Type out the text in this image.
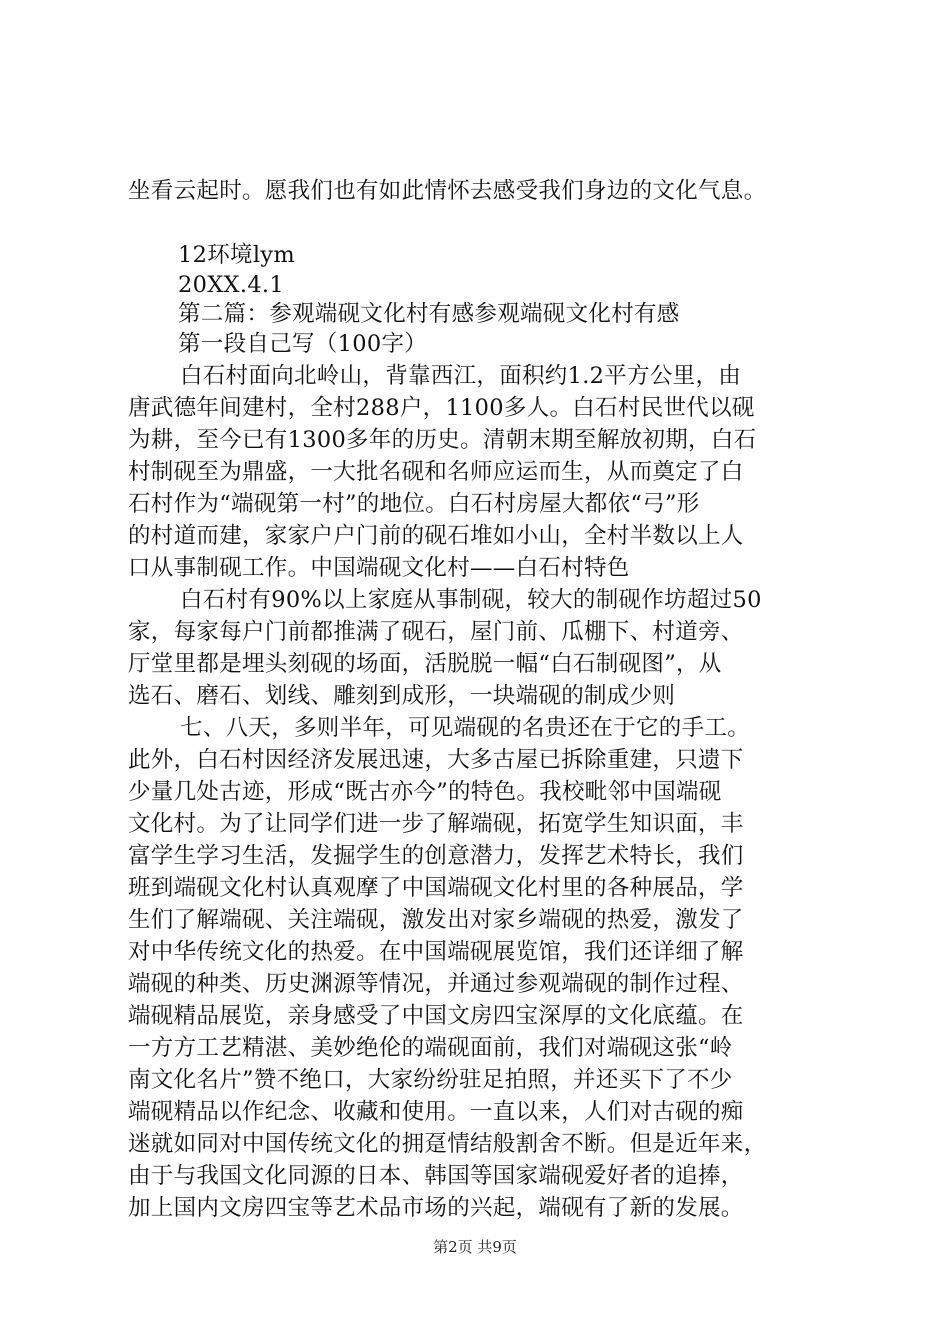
坐看云起时。愿我们也有如此情怀去感受我们身边的文化气息。
12环境lym
20XX.4.1
第二篇：参观端砚文化村有感参观端砚文化村有感
第一段自己写（100字）
白石村面向北岭山，背靠西江，面积约1.2平方公里，由
唐武德年间建村，全村288户，1100多人。白石村民世代以砚
为耕，至今已有1300多年的历史。清朝末期至解放初期，白石
村制砚至为鼎盛，一大批名砚和名师应运而生，从而奠定了白
石村作为“端砚第一村”的地位。白石村房屋大都依“弓”形
的村道而建，家家户户门前的砚石堆如小山，全村半数以上人
口从事制砚工作。中国端砚文化村——白石村特色
白石村有90%以上家庭从事制砚，较大的制砚作坊超过50
家，每家每户门前都推满了砚石，屋门前、瓜棚下、村道旁、
厅堂里都是埋头刻砚的场面，活脱脱一幅“白石制砚图”，从
选石、磨石、划线、雕刻到成形，一块端砚的制成少则
七、八天，多则半年，可见端砚的名贵还在于它的手工。
此外，白石村因经济发展迅速，大多古屋已拆除重建，只遗下
少量几处古迹，形成“既古亦今”的特色。我校毗邻中国端砚
文化村。为了让同学们进一步了解端砚，拓宽学生知识面，丰
富学生学习生活，发掘学生的创意潜力，发挥艺术特长，我们
班到端砚文化村认真观摩了中国端砚文化村里的各种展品，学
生们了解端砚、关注端砚，激发出对家乡端砚的热爱，激发了
对中华传统文化的热爱。在中国端砚展览馆，我们还详细了解
端砚的种类、历史渊源等情况，并通过参观端砚的制作过程、
端砚精品展览，亲身感受了中国文房四宝深厚的文化底蕴。在
一方方工艺精湛、美妙绝伦的端砚面前，我们对端砚这张“岭
南文化名片”赞不绝口，大家纷纷驻足拍照，并还买下了不少
端砚精品以作纪念、收藏和使用。一直以来，人们对古砚的痴
迷就如同对中国传统文化的拥趸情结般割舍不断。但是近年来，
由于与我国文化同源的日本、韩国等国家端砚爱好者的追捧，
加上国内文房四宝等艺术品市场的兴起，端砚有了新的发展。
第2页 共9页
